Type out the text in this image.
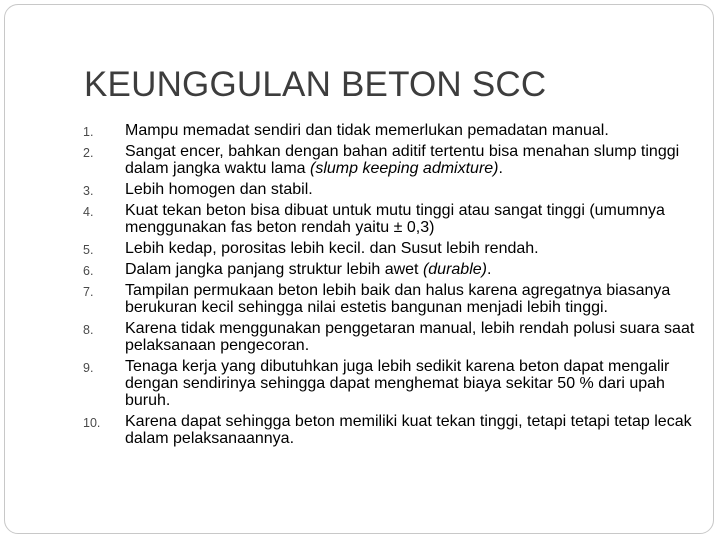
KEUNGGULAN BETON SCC
1. Mampu memadat sendiri dan tidak memerlukan pemadatan manual.
2. Sangat encer, bahkan dengan bahan aditif tertentu bisa menahan slump tinggi dalam jangka waktu lama (slump keeping admixture).
3. Lebih homogen dan stabil.
4. Kuat tekan beton bisa dibuat untuk mutu tinggi atau sangat tinggi (umumnya menggunakan fas beton rendah yaitu ± 0,3)
5. Lebih kedap, porositas lebih kecil. dan Susut lebih rendah.
6. Dalam jangka panjang struktur lebih awet (durable).
7. Tampilan permukaan beton lebih baik dan halus karena agregatnya biasanya berukuran kecil sehingga nilai estetis bangunan menjadi lebih tinggi.
8. Karena tidak menggunakan penggetaran manual, lebih rendah polusi suara saat pelaksanaan pengecoran.
9. Tenaga kerja yang dibutuhkan juga lebih sedikit karena beton dapat mengalir dengan sendirinya sehingga dapat menghemat biaya sekitar 50 % dari upah buruh.
10. Karena dapat sehingga beton memiliki kuat tekan tinggi, tetapi tetapi tetap lecak dalam pelaksanaannya.
